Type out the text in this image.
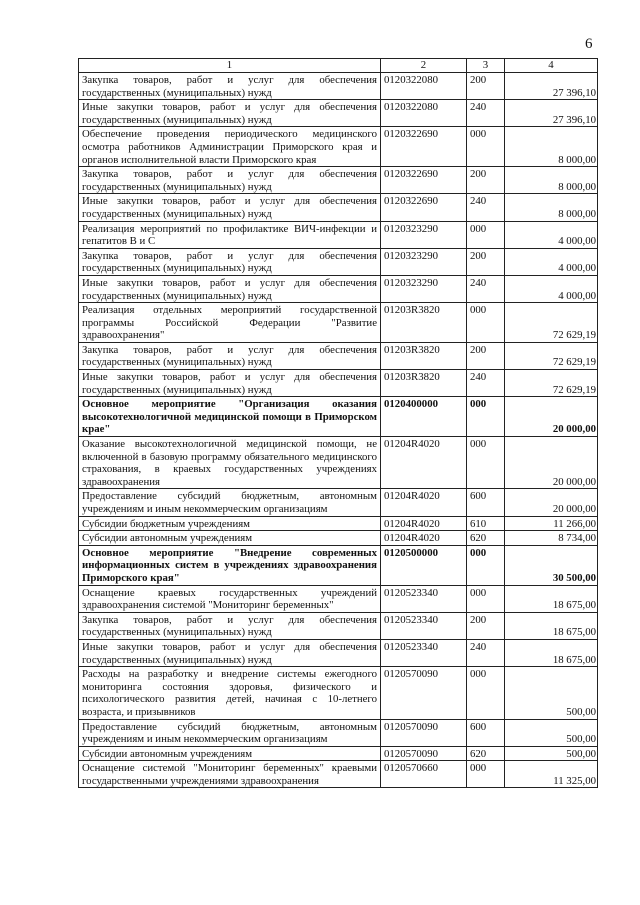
6
1	2	3	4
Закупка товаров, работ и услуг для обеспечения государственных (муниципальных) нужд	0120322080	200	27 396,10
Иные закупки товаров, работ и услуг для обеспечения государственных (муниципальных) нужд	0120322080	240	27 396,10
Обеспечение проведения периодического медицинского осмотра работников Администрации Приморского края и органов исполнительной власти Приморского края	0120322690	000	8 000,00
Закупка товаров, работ и услуг для обеспечения государственных (муниципальных) нужд	0120322690	200	8 000,00
Иные закупки товаров, работ и услуг для обеспечения государственных (муниципальных) нужд	0120322690	240	8 000,00
Реализация мероприятий по профилактике ВИЧ-инфекции и гепатитов В и С	0120323290	000	4 000,00
Закупка товаров, работ и услуг для обеспечения государственных (муниципальных) нужд	0120323290	200	4 000,00
Иные закупки товаров, работ и услуг для обеспечения государственных (муниципальных) нужд	0120323290	240	4 000,00
Реализация отдельных мероприятий государственной программы Российской Федерации "Развитие здравоохранения"	01203R3820	000	72 629,19
Закупка товаров, работ и услуг для обеспечения государственных (муниципальных) нужд	01203R3820	200	72 629,19
Иные закупки товаров, работ и услуг для обеспечения государственных (муниципальных) нужд	01203R3820	240	72 629,19
Основное мероприятие "Организация оказания высокотехнологичной медицинской помощи в Приморском крае"	0120400000	000	20 000,00
Оказание высокотехнологичной медицинской помощи, не включенной в базовую программу обязательного медицинского страхования, в краевых государственных учреждениях здравоохранения	01204R4020	000	20 000,00
Предоставление субсидий бюджетным, автономным учреждениям и иным некоммерческим организациям	01204R4020	600	20 000,00
Субсидии бюджетным учреждениям	01204R4020	610	11 266,00
Субсидии автономным учреждениям	01204R4020	620	8 734,00
Основное мероприятие "Внедрение современных информационных систем в учреждениях здравоохранения Приморского края"	0120500000	000	30 500,00
Оснащение краевых государственных учреждений здравоохранения системой "Мониторинг беременных"	0120523340	000	18 675,00
Закупка товаров, работ и услуг для обеспечения государственных (муниципальных) нужд	0120523340	200	18 675,00
Иные закупки товаров, работ и услуг для обеспечения государственных (муниципальных) нужд	0120523340	240	18 675,00
Расходы на разработку и внедрение системы ежегодного мониторинга состояния здоровья, физического и психологического развития детей, начиная с 10-летнего возраста, и призывников	0120570090	000	500,00
Предоставление субсидий бюджетным, автономным учреждениям и иным некоммерческим организациям	0120570090	600	500,00
Субсидии автономным учреждениям	0120570090	620	500,00
Оснащение системой "Мониторинг беременных" краевыми государственными учреждениями здравоохранения	0120570660	000	11 325,00
